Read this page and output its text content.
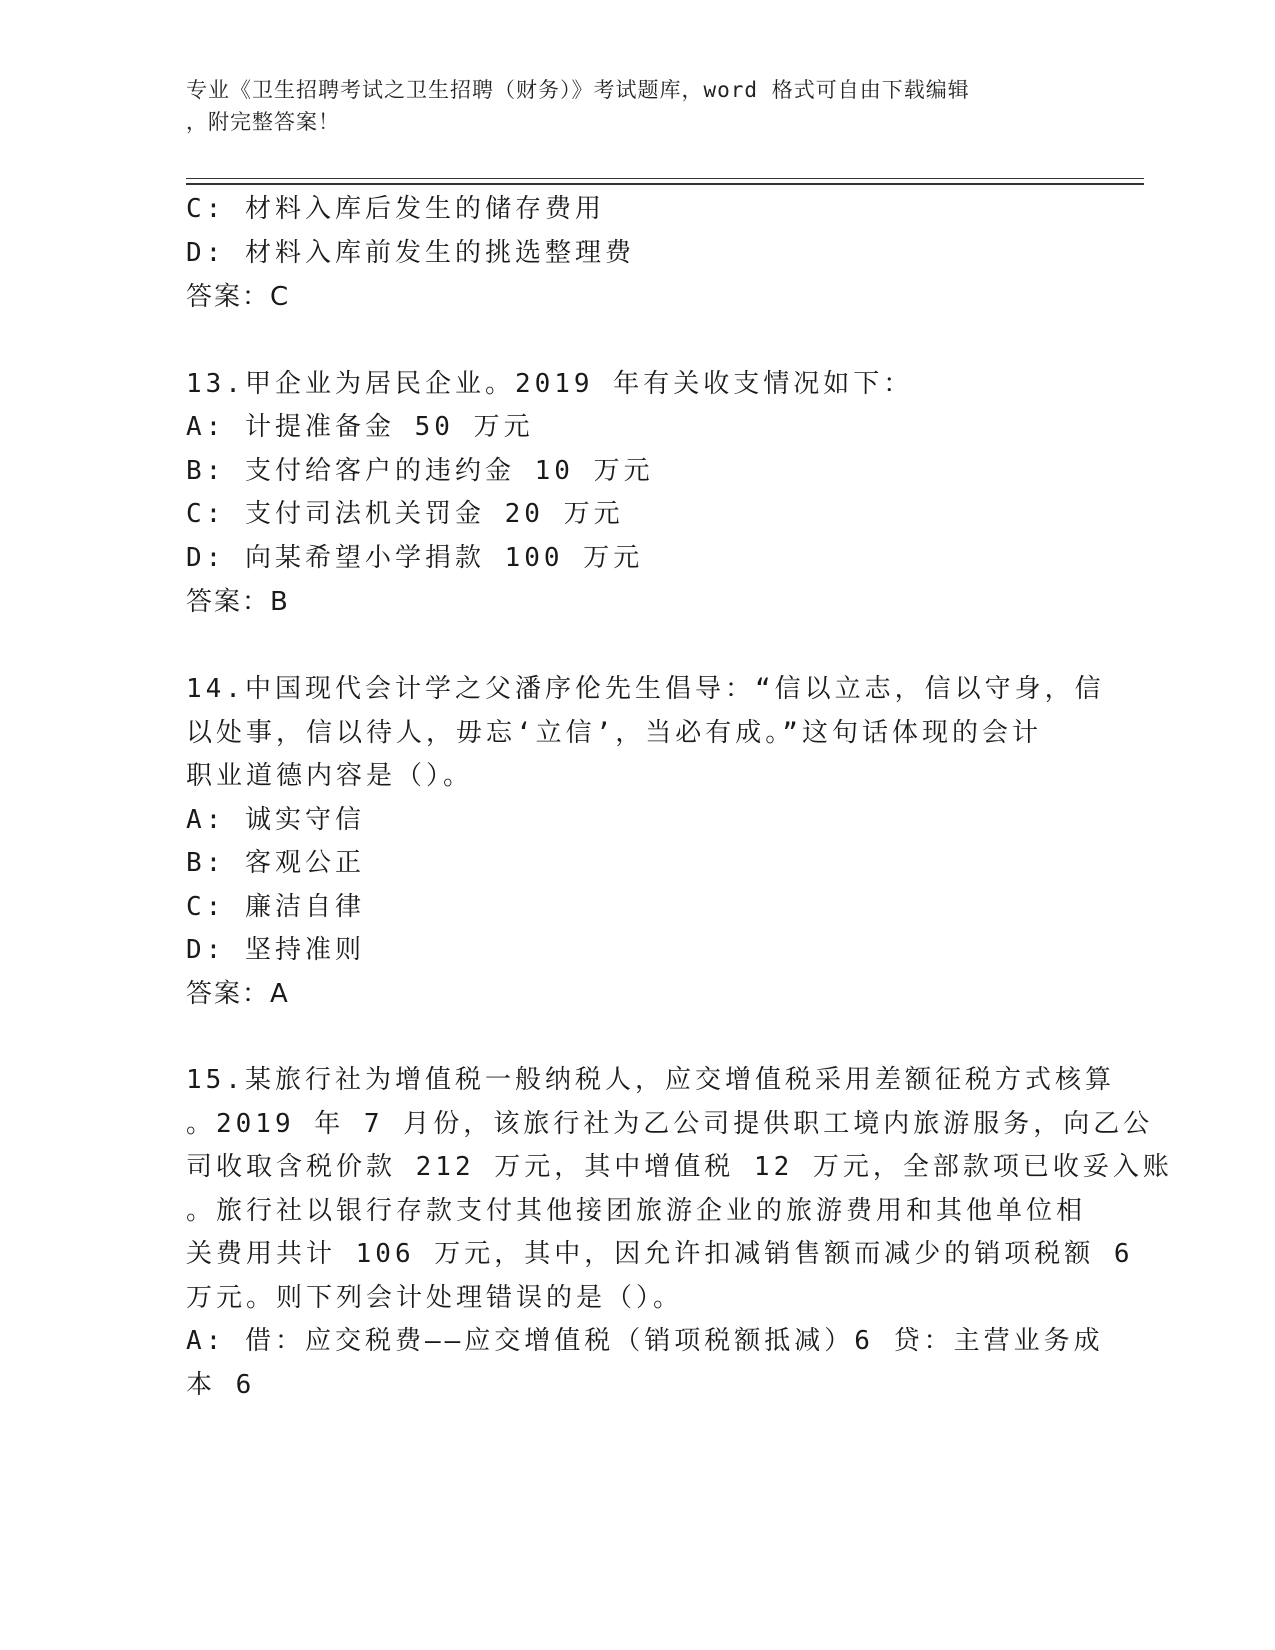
专业《卫生招聘考试之卫生招聘（财务）》考试题库，word 格式可自由下载编辑
，附完整答案！
C: 材料入库后发生的储存费用
D: 材料入库前发生的挑选整理费
答案：C
13.甲企业为居民企业。2019 年有关收支情况如下：
A: 计提准备金 50 万元
B: 支付给客户的违约金 10 万元
C: 支付司法机关罚金 20 万元
D: 向某希望小学捐款 100 万元
答案：B
14.中国现代会计学之父潘序伦先生倡导：“信以立志，信以守身，信
以处事，信以待人，毋忘‘立信’，当必有成。”这句话体现的会计
职业道德内容是（）。
A: 诚实守信
B: 客观公正
C: 廉洁自律
D: 坚持准则
答案：A
15.某旅行社为增值税一般纳税人，应交增值税采用差额征税方式核算
。2019 年 7 月份，该旅行社为乙公司提供职工境内旅游服务，向乙公
司收取含税价款 212 万元，其中增值税 12 万元，全部款项已收妥入账
。旅行社以银行存款支付其他接团旅游企业的旅游费用和其他单位相
关费用共计 106 万元，其中，因允许扣减销售额而减少的销项税额 6
万元。则下列会计处理错误的是（）。
A: 借：应交税费——应交增值税（销项税额抵减）6 贷：主营业务成
本 6
